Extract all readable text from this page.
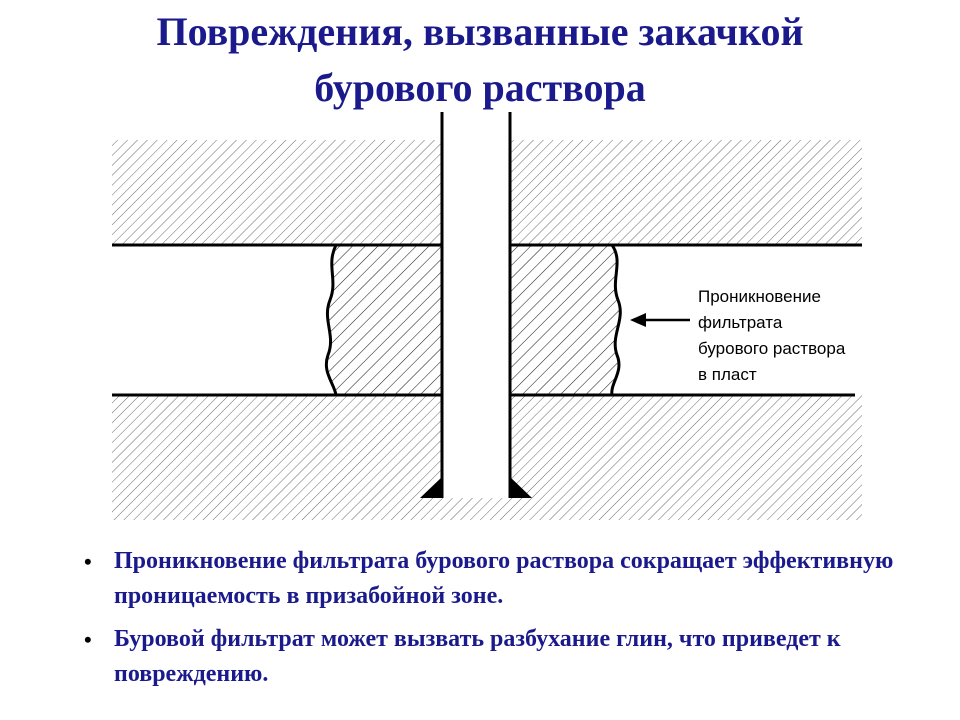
Повреждения, вызванные закачкой
бурового раствора
Проникновение
фильтрата
бурового раствора
в пласт
• Проникновение фильтрата бурового раствора сокращает эффективную проницаемость в призабойной зоне.
• Буровой фильтрат может вызвать разбухание глин, что приведет к повреждению.
